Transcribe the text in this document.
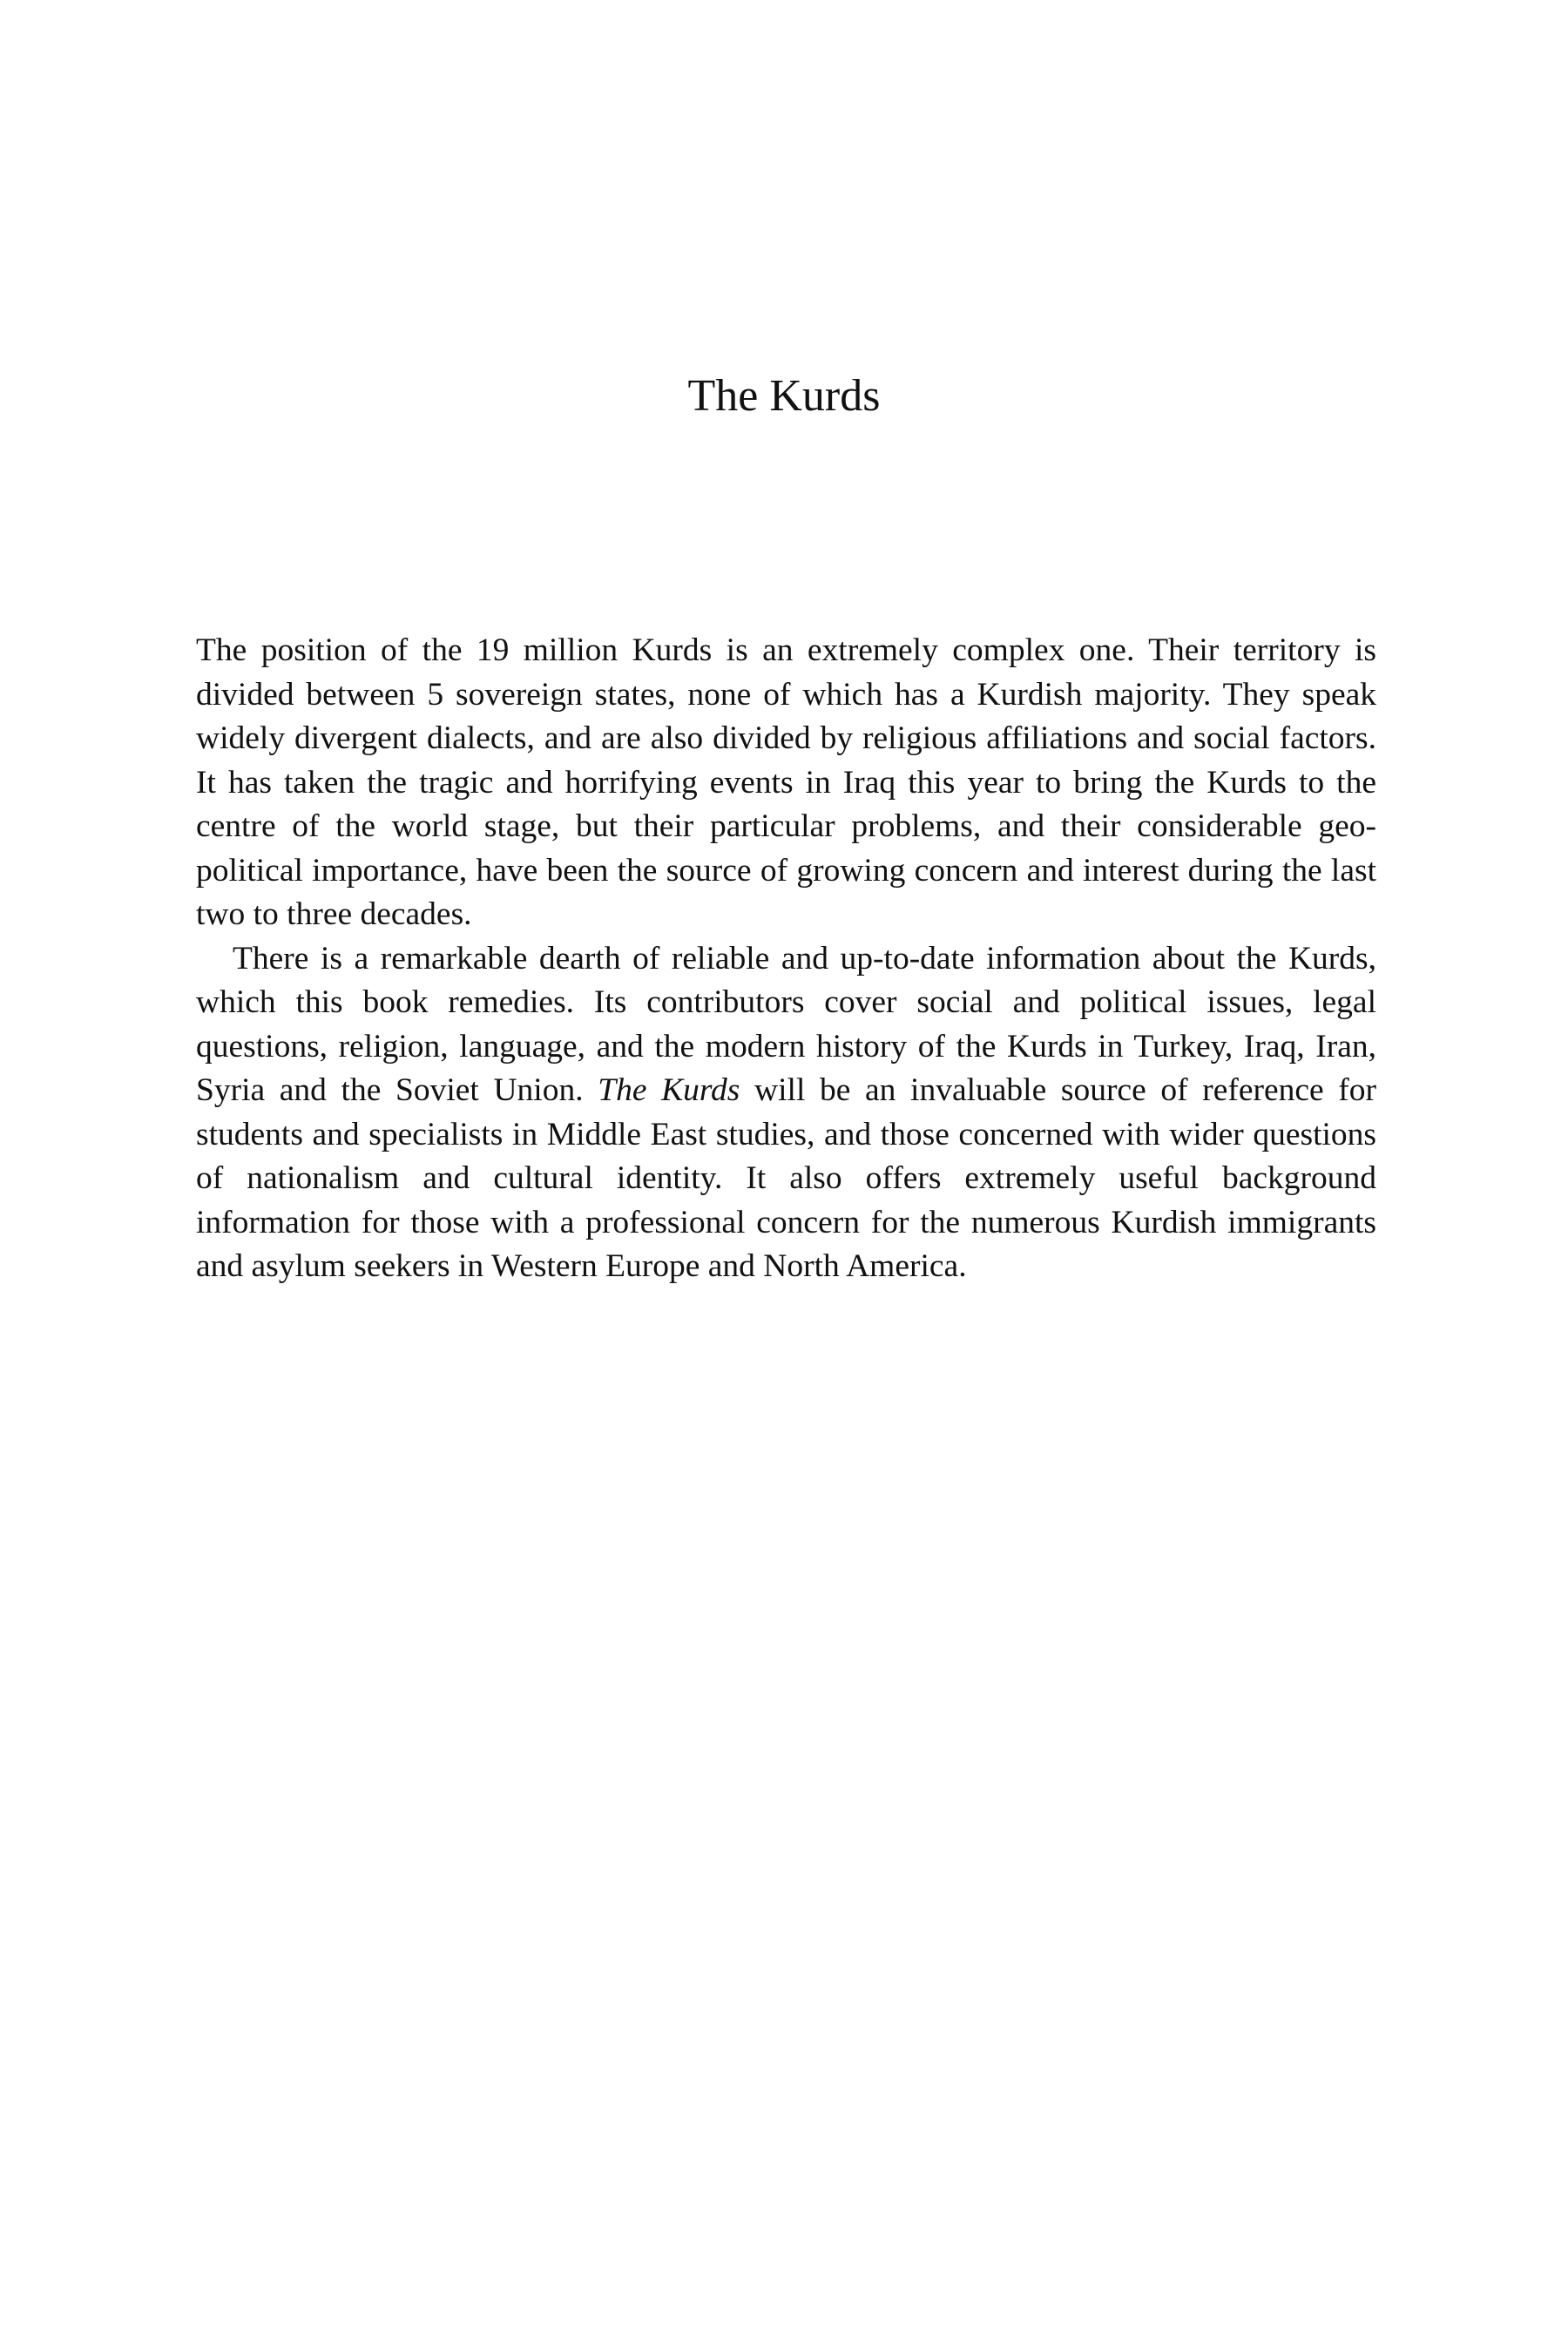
The Kurds

The position of the 19 million Kurds is an extremely complex one. Their territory is divided between 5 sovereign states, none of which has a Kurdish majority. They speak widely divergent dialects, and are also divided by religious affiliations and social factors. It has taken the tragic and horrifying events in Iraq this year to bring the Kurds to the centre of the world stage, but their particular problems, and their considerable geo-political importance, have been the source of growing concern and interest during the last two to three decades.

There is a remarkable dearth of reliable and up-to-date information about the Kurds, which this book remedies. Its contributors cover social and political issues, legal questions, religion, language, and the modern history of the Kurds in Turkey, Iraq, Iran, Syria and the Soviet Union. The Kurds will be an invaluable source of reference for students and specialists in Middle East studies, and those concerned with wider questions of nationalism and cultural identity. It also offers extremely useful background information for those with a professional concern for the numerous Kurdish immigrants and asylum seekers in Western Europe and North America.
